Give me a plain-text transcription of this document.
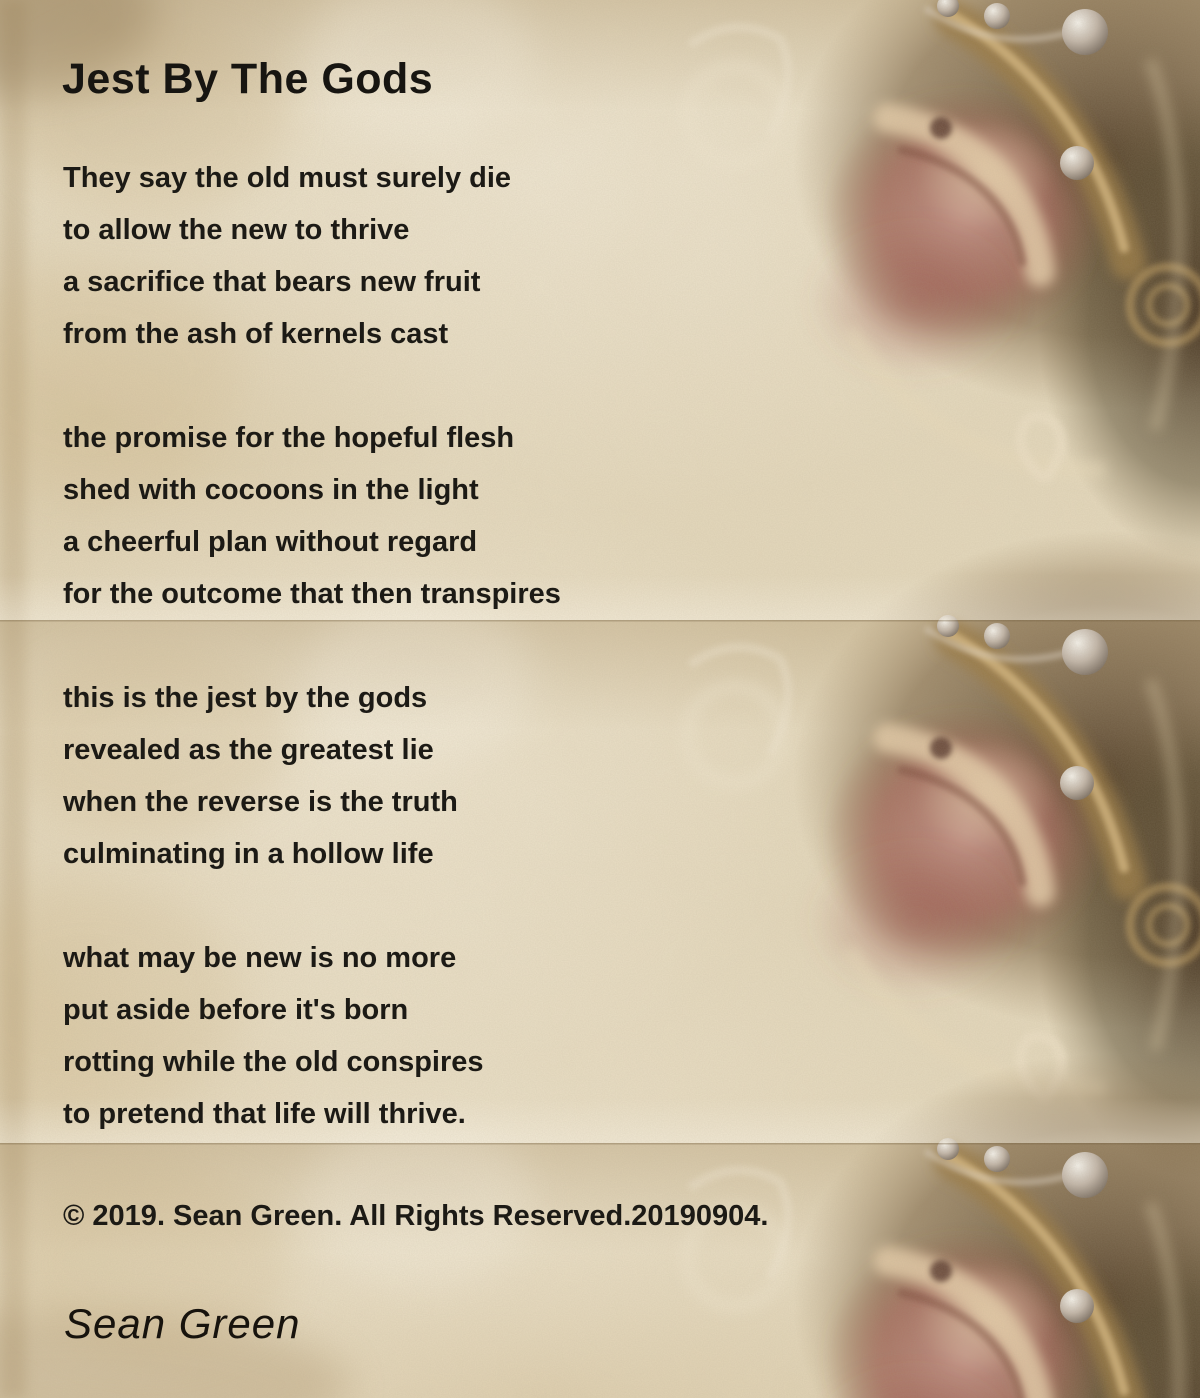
Jest By The Gods
They say the old must surely die
to allow the new to thrive
a sacrifice that bears new fruit
from the ash of kernels cast
the promise for the hopeful flesh
shed with cocoons in the light
a cheerful plan without regard
for the outcome that then transpires
this is the jest by the gods
revealed as the greatest lie
when the reverse is the truth
culminating in a hollow life
what may be new is no more
put aside before it's born
rotting while the old conspires
to pretend that life will thrive.
© 2019. Sean Green. All Rights Reserved.20190904.
Sean Green
